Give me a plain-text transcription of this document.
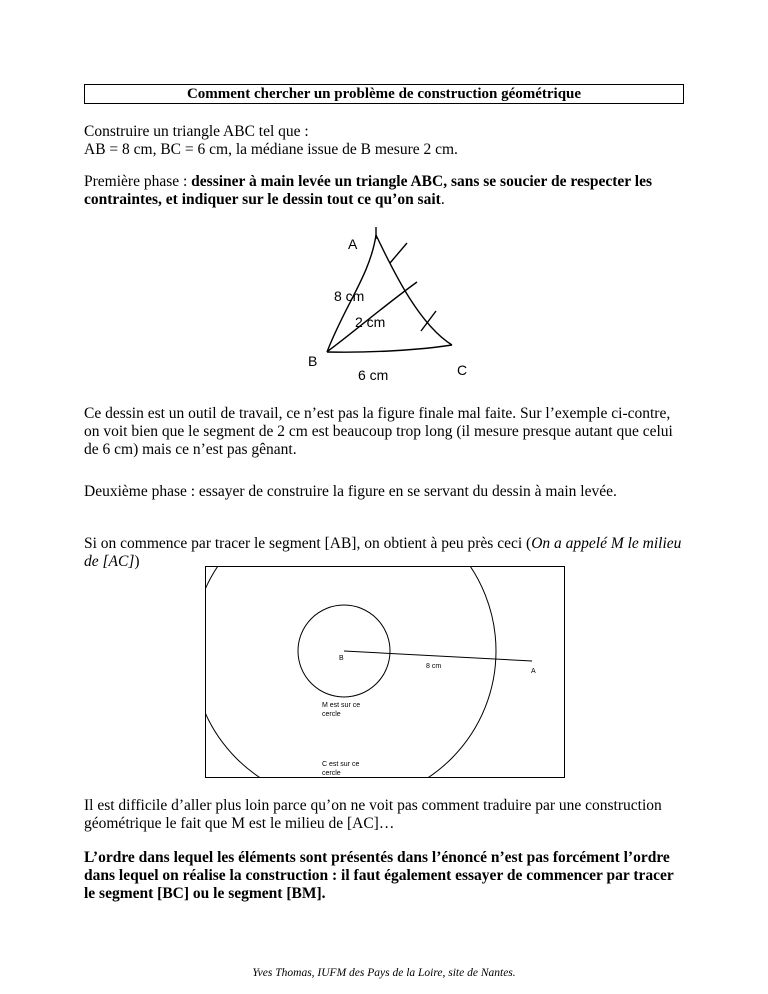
Comment chercher un problème de construction géométrique
Construire un triangle ABC tel que :
AB = 8 cm, BC = 6 cm, la médiane issue de B mesure 2 cm.
Première phase : dessiner à main levée un triangle ABC, sans se soucier de respecter les contraintes, et indiquer sur le dessin tout ce qu’on sait.
A
8 cm
2 cm
B
C
6 cm
Ce dessin est un outil de travail, ce n’est pas la figure finale mal faite. Sur l’exemple ci-contre, on voit bien que le segment de 2 cm est beaucoup trop long (il mesure presque autant que celui de 6 cm) mais ce n’est pas gênant.
Deuxième phase : essayer de construire la figure en se servant du dessin à main levée.
Si on commence par tracer le segment [AB], on obtient à peu près ceci (On a appelé M le milieu de [AC])
B
8 cm
A
M est sur ce
cercle
C est sur ce
cercle
Il est difficile d’aller plus loin parce qu’on ne voit pas comment traduire par une construction géométrique le fait que M est le milieu de [AC]…
L’ordre dans lequel les éléments sont présentés dans l’énoncé n’est pas forcément l’ordre dans lequel on réalise la construction : il faut également essayer de commencer par tracer le segment [BC] ou le segment [BM].
Yves Thomas, IUFM des Pays de la Loire, site de Nantes.
